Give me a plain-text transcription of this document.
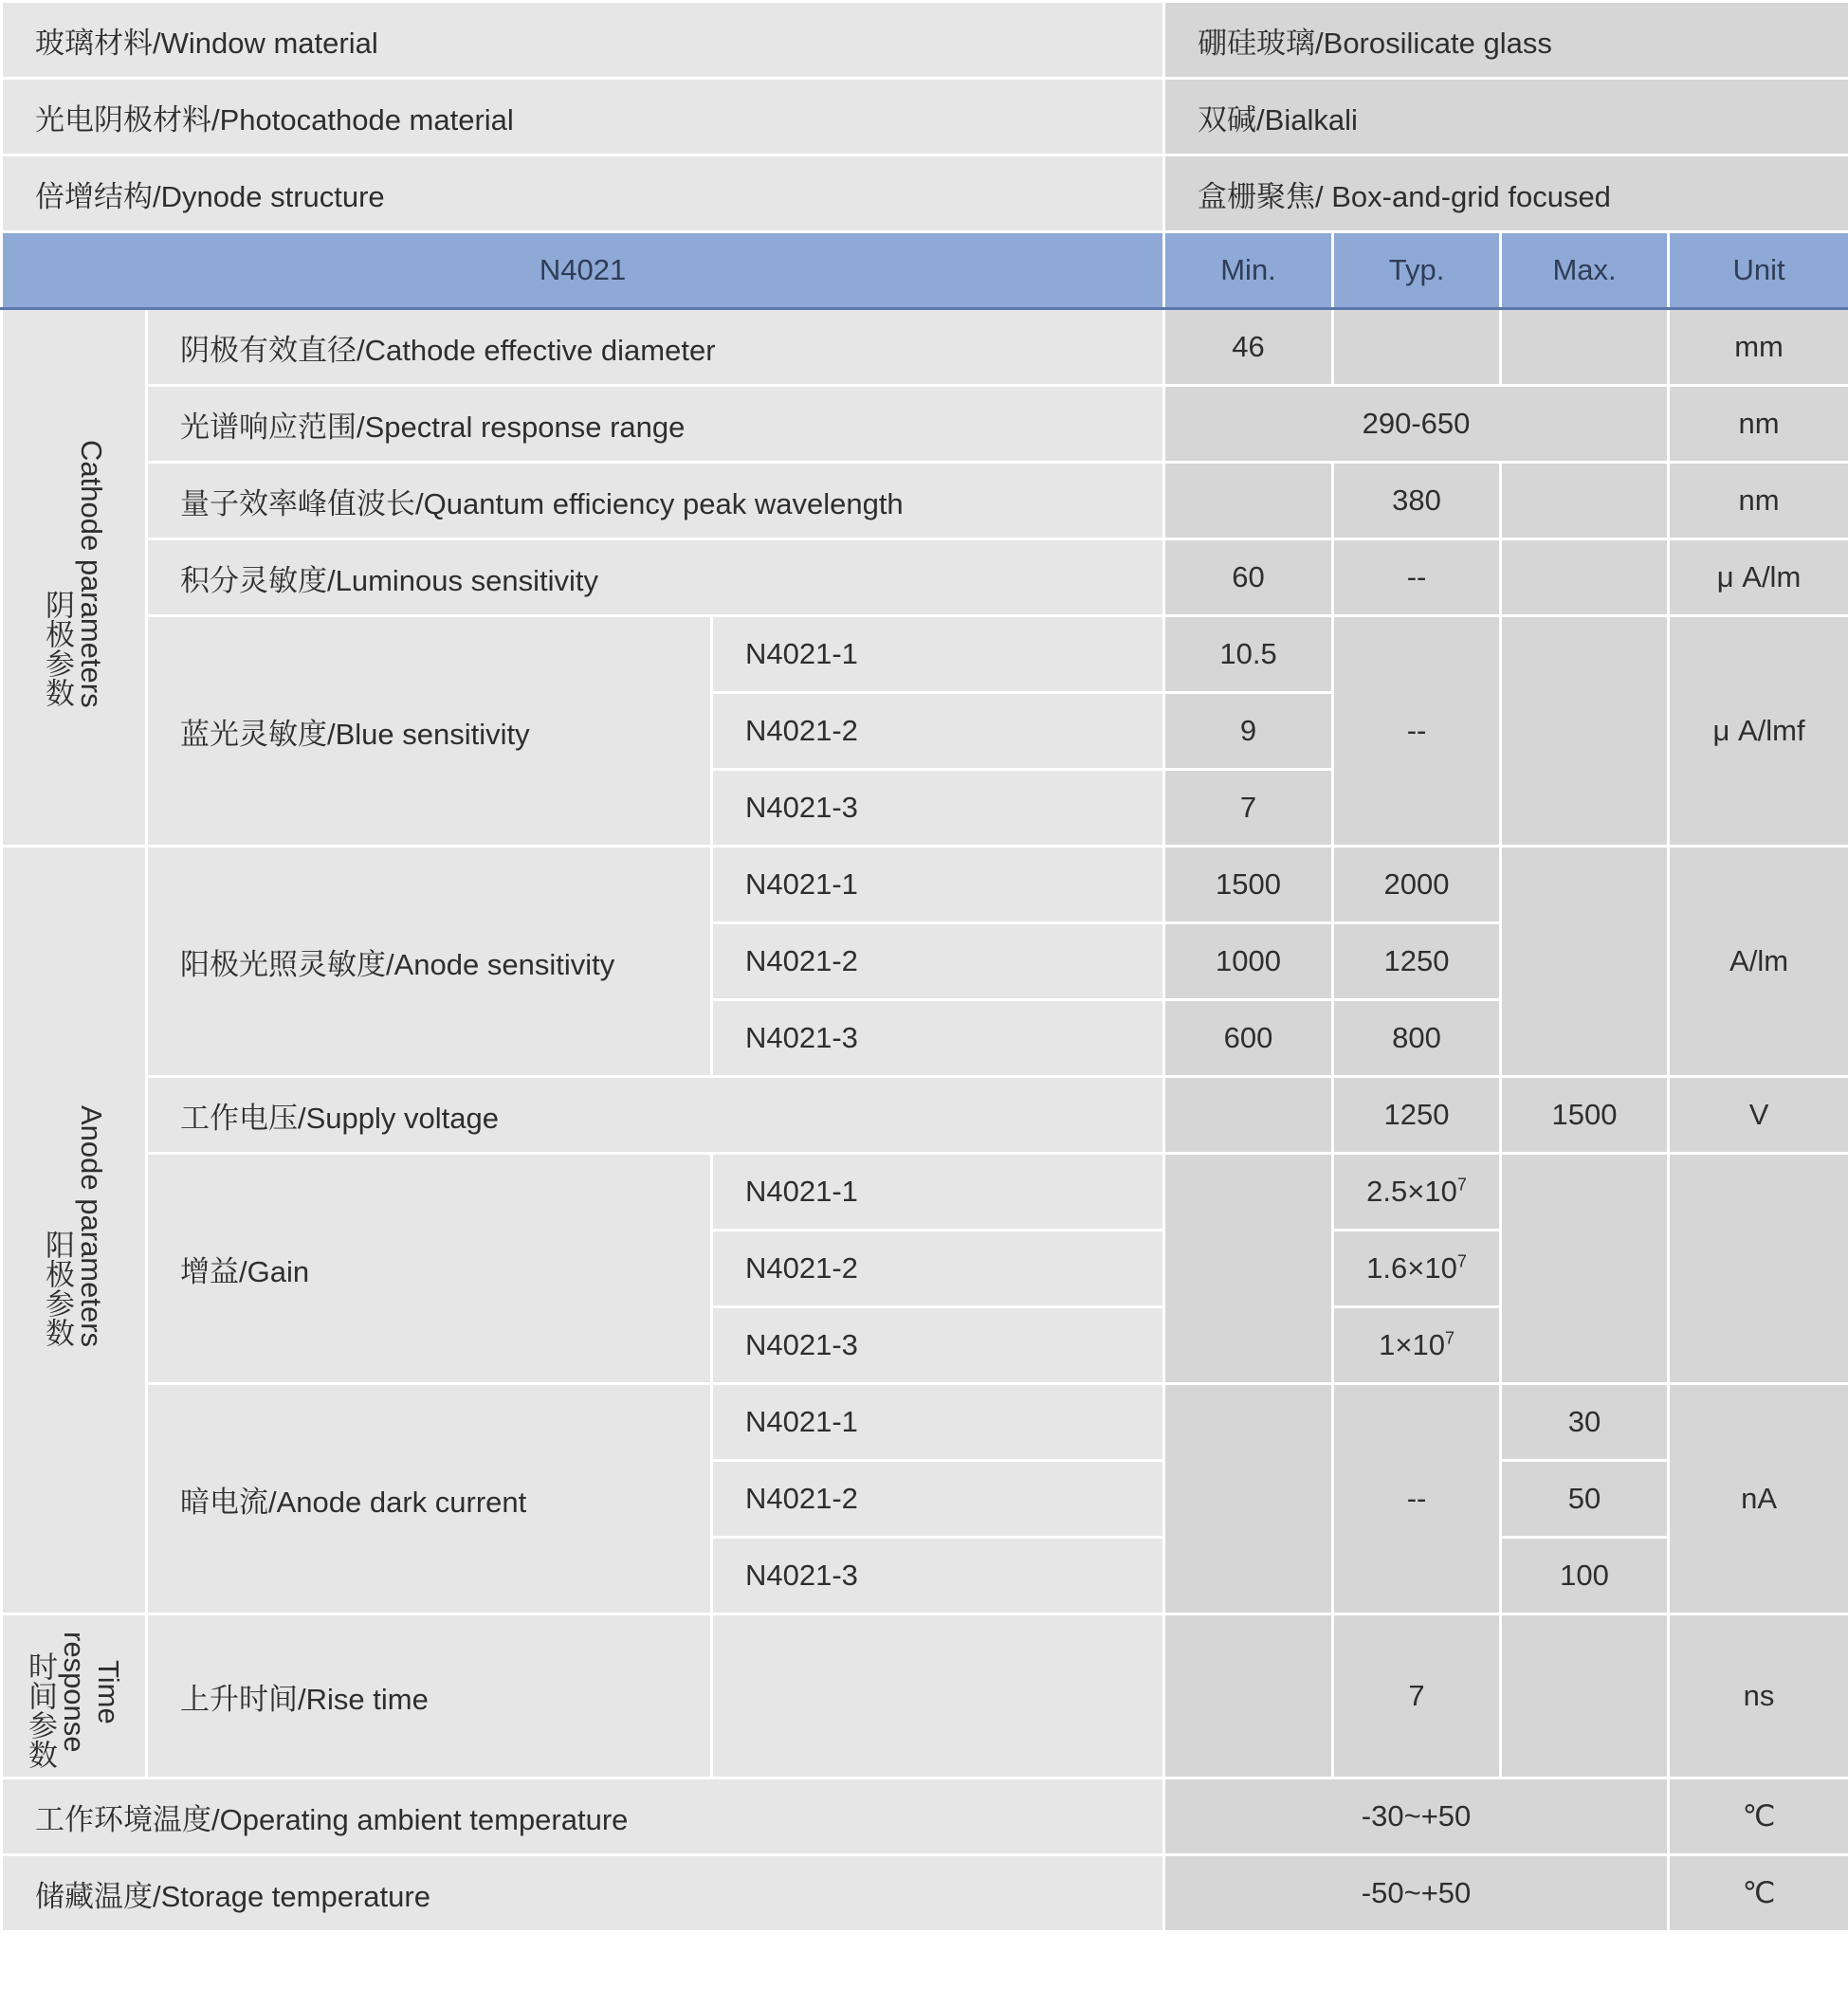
玻璃材料/Window material			硼硅玻璃/Borosilicate glass			
光电阴极材料/Photocathode material			双碱/Bialkali			
倍增结构/Dynode structure			盒栅聚焦/ Box-and-grid focused			
N4021			Min.	Typ.	Max.	Unit
阴极参数Cathode parameters	阴极有效直径/Cathode effective diameter		46			mm
	光谱响应范围/Spectral response range		290-650			nm
	量子效率峰值波长/Quantum efficiency peak wavelength			380		nm
	积分灵敏度/Luminous sensitivity		60	--		μ A/lm
	蓝光灵敏度/Blue sensitivity	N4021-1	10.5	--		μ A/lmf
		N4021-2	9			
		N4021-3	7			
阳极参数Anode parameters	阳极光照灵敏度/Anode sensitivity	N4021-1	1500	2000		A/lm
		N4021-2	1000	1250		
		N4021-3	600	800		
	工作电压/Supply voltage			1250	1500	V
	增益/Gain	N4021-1		$2.5\times 10^7$		
		N4021-2		$1.6\times 10^7$
		N4021-3		$1\times 10^7$
	暗电流/Anode dark current	N4021-1		--	30	nA
		N4021-2			50	
		N4021-3			100	
时间参数 Time response	上升时间/Rise time			7		ns
工作环境温度/Operating ambient temperature			-30~+50			℃
储藏温度/Storage temperature			-50~+50			℃
